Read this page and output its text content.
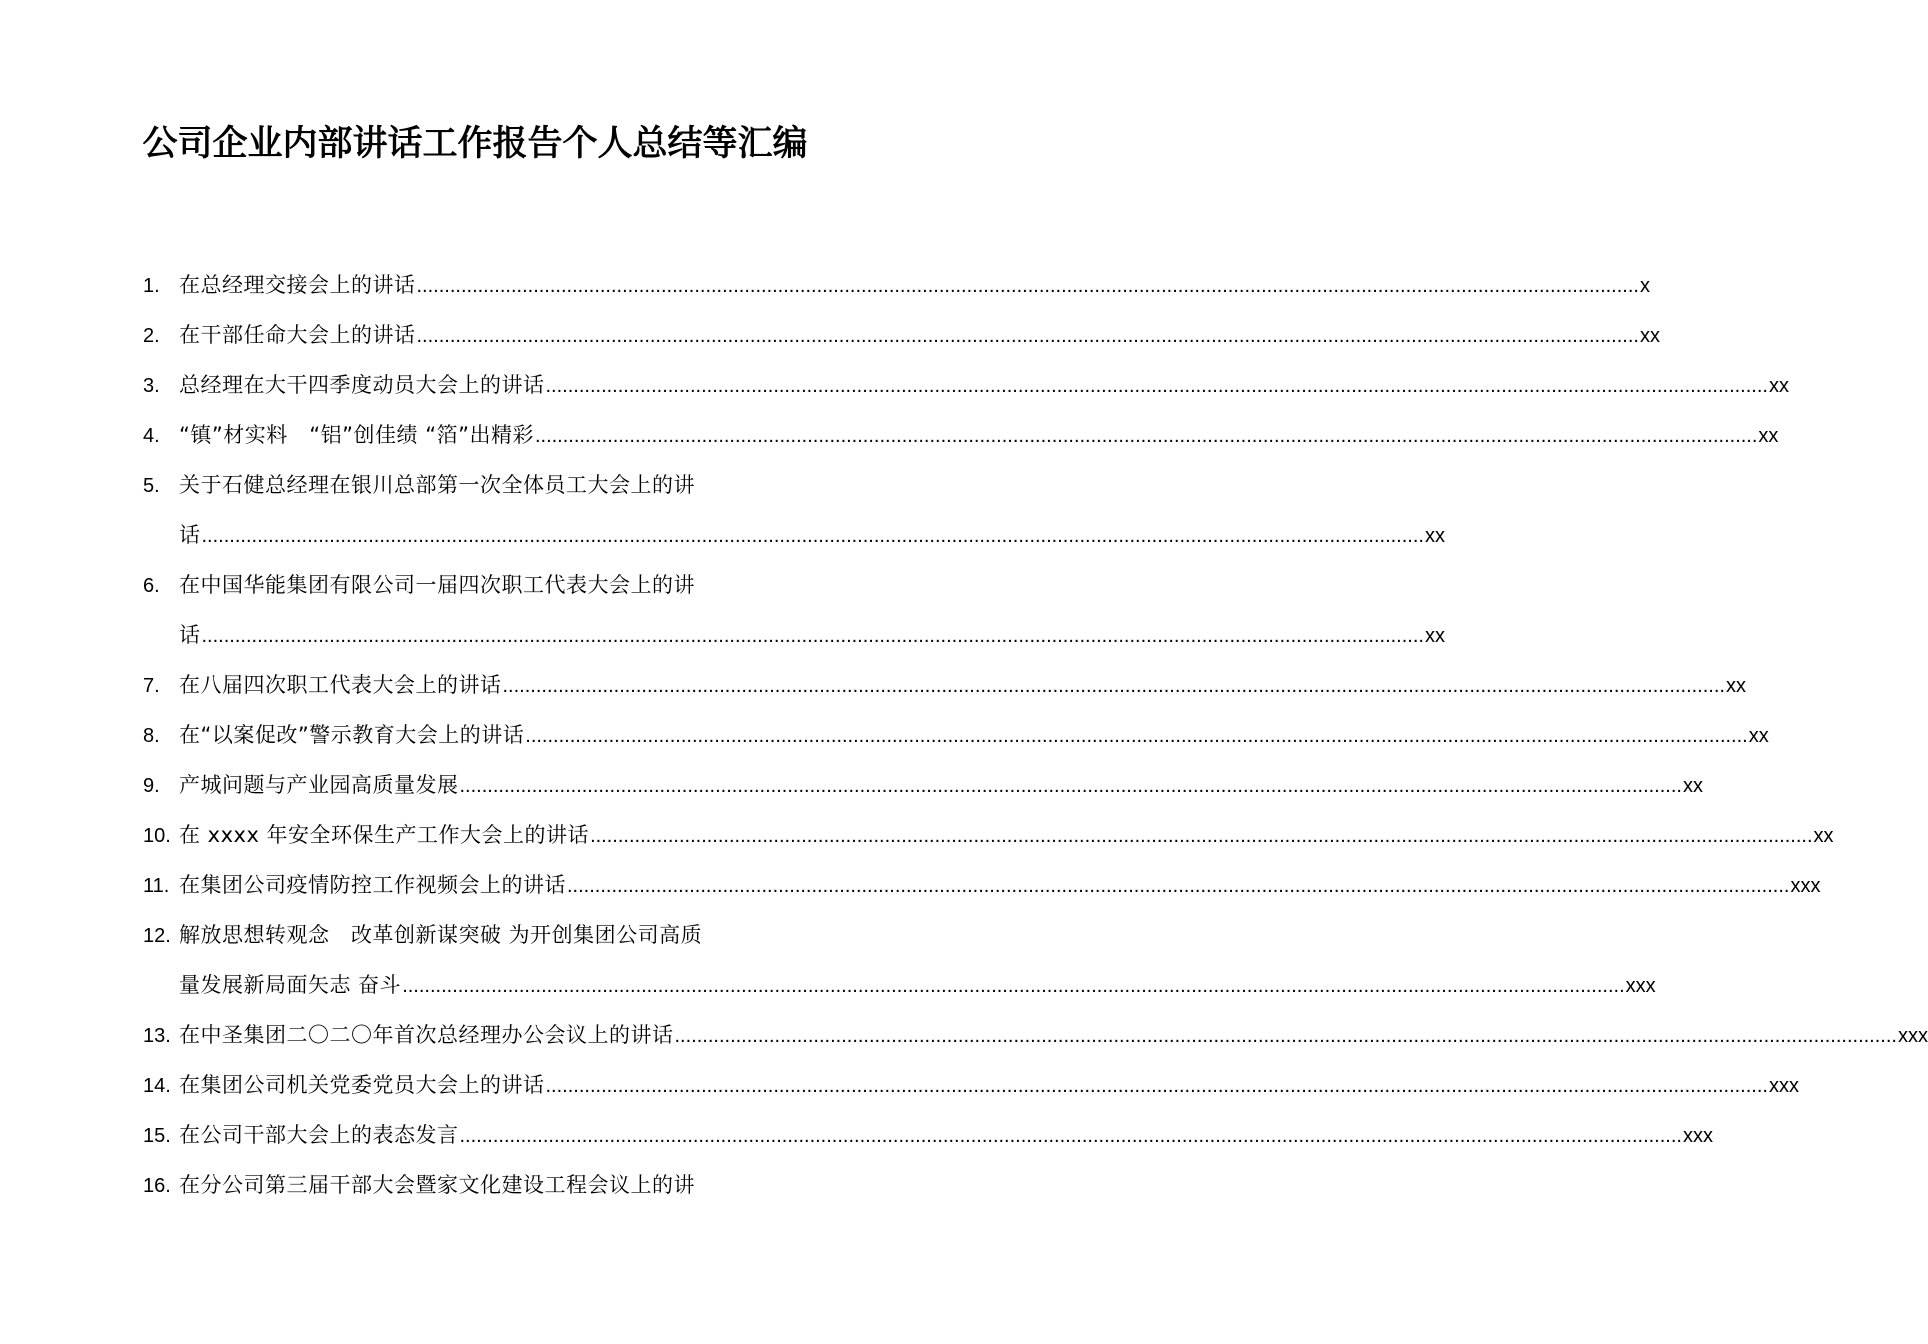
公司企业内部讲话工作报告个人总结等汇编
1. 在总经理交接会上的讲话 ............................................................................................................................................................................................................................ x
2. 在干部任命大会上的讲话 ............................................................................................................................................................................................................................ xx
3. 总经理在大干四季度动员大会上的讲话 ............................................................................................................................................................................................................................ xx
4. “镇”材实料　“铝”创佳绩 “箔”出精彩 ............................................................................................................................................................................................................................ xx
5. 关于石健总经理在银川总部第一次全体员工大会上的讲
话 ............................................................................................................................................................................................................................ xx
6. 在中国华能集团有限公司一届四次职工代表大会上的讲
话 ............................................................................................................................................................................................................................ xx
7. 在八届四次职工代表大会上的讲话 ............................................................................................................................................................................................................................ xx
8. 在“以案促改”警示教育大会上的讲话 ............................................................................................................................................................................................................................ xx
9. 产城问题与产业园高质量发展 ............................................................................................................................................................................................................................ xx
10. 在 xxxx 年安全环保生产工作大会上的讲话 ............................................................................................................................................................................................................................ xx
11. 在集团公司疫情防控工作视频会上的讲话 ............................................................................................................................................................................................................................ xxx
12. 解放思想转观念　改革创新谋突破 为开创集团公司高质
量发展新局面矢志 奋斗 ............................................................................................................................................................................................................................ xxx
13. 在中圣集团二〇二〇年首次总经理办公会议上的讲话 ............................................................................................................................................................................................................................ xxx
14. 在集团公司机关党委党员大会上的讲话 ............................................................................................................................................................................................................................ xxx
15. 在公司干部大会上的表态发言 ............................................................................................................................................................................................................................ xxx
16. 在分公司第三届干部大会暨家文化建设工程会议上的讲
